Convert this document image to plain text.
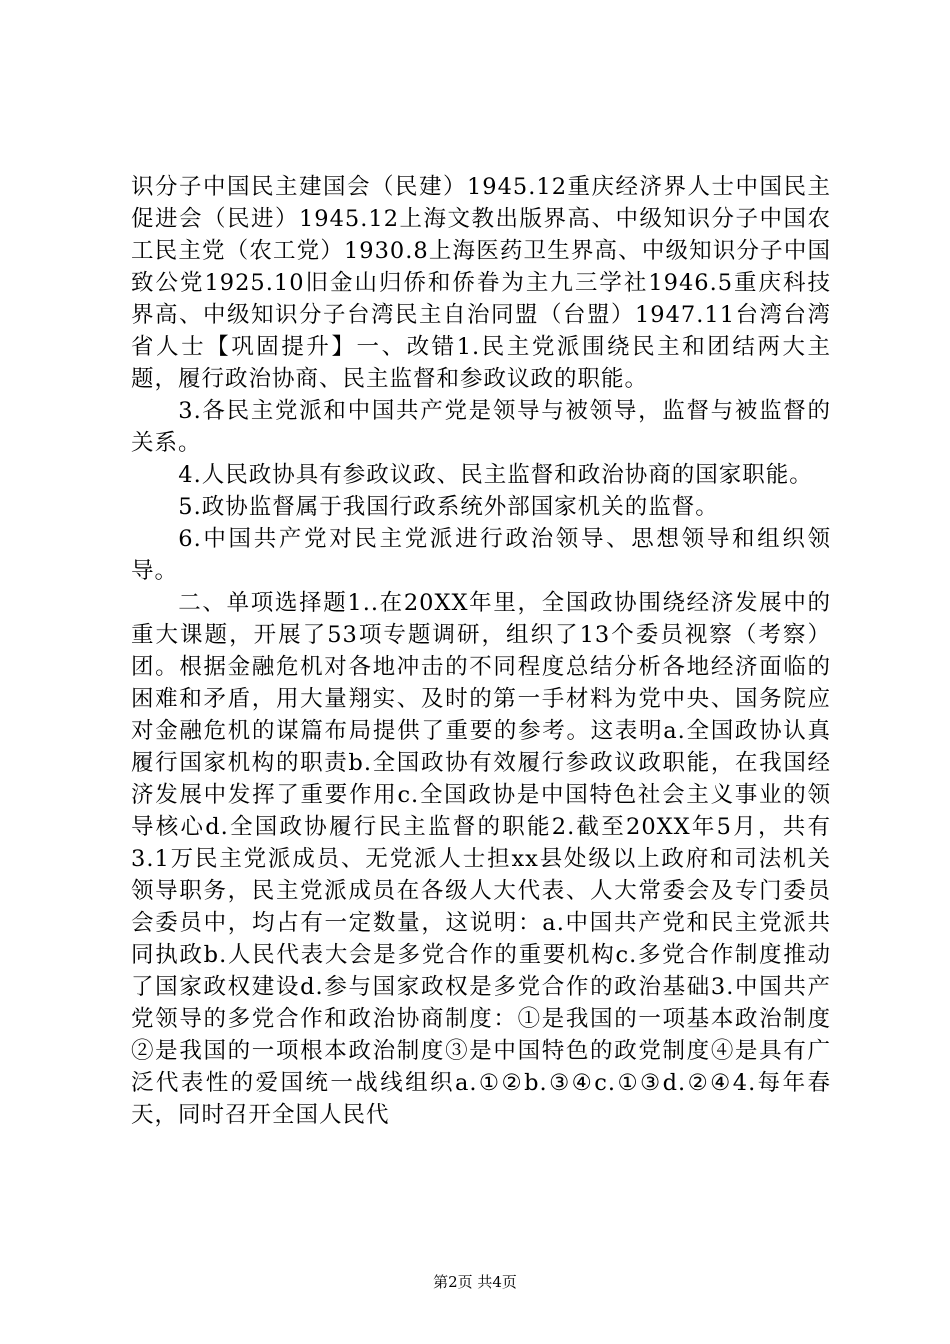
识分子中国民主建国会（民建）1945.12重庆经济界人士中国民主促进会（民进）1945.12上海文教出版界高、中级知识分子中国农工民主党（农工党）1930.8上海医药卫生界高、中级知识分子中国致公党1925.10旧金山归侨和侨眷为主九三学社1946.5重庆科技界高、中级知识分子台湾民主自治同盟（台盟）1947.11台湾台湾省人士【巩固提升】一、改错1.民主党派围绕民主和团结两大主题，履行政治协商、民主监督和参政议政的职能。

3.各民主党派和中国共产党是领导与被领导，监督与被监督的关系。

4.人民政协具有参政议政、民主监督和政治协商的国家职能。

5.政协监督属于我国行政系统外部国家机关的监督。

6.中国共产党对民主党派进行政治领导、思想领导和组织领导。

二、单项选择题1..在20XX年里，全国政协围绕经济发展中的重大课题，开展了53项专题调研，组织了13个委员视察（考察）团。根据金融危机对各地冲击的不同程度总结分析各地经济面临的困难和矛盾，用大量翔实、及时的第一手材料为党中央、国务院应对金融危机的谋篇布局提供了重要的参考。这表明a.全国政协认真履行国家机构的职责b.全国政协有效履行参政议政职能，在我国经济发展中发挥了重要作用c.全国政协是中国特色社会主义事业的领导核心d.全国政协履行民主监督的职能2.截至20XX年5月，共有3.1万民主党派成员、无党派人士担xx县处级以上政府和司法机关领导职务，民主党派成员在各级人大代表、人大常委会及专门委员会委员中，均占有一定数量，这说明：a.中国共产党和民主党派共同执政b.人民代表大会是多党合作的重要机构c.多党合作制度推动了国家政权建设d.参与国家政权是多党合作的政治基础3.中国共产党领导的多党合作和政治协商制度：①是我国的一项基本政治制度②是我国的一项根本政治制度③是中国特色的政党制度④是具有广泛代表性的爱国统一战线组织a.①②b.③④c.①③d.②④4.每年春天，同时召开全国人民代

第2页 共4页
